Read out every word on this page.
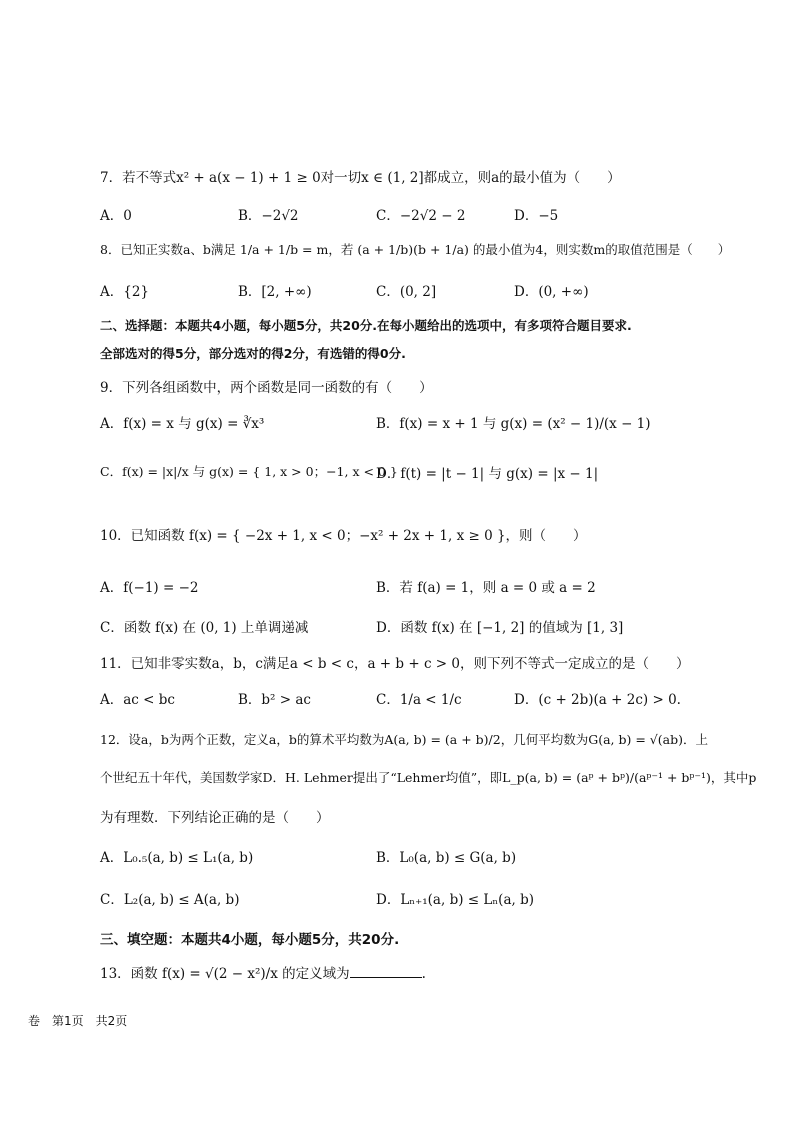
7．若不等式x² + a(x − 1) + 1 ≥ 0对一切x ∈ (1, 2]都成立，则a的最小值为（　　）
A．0	B．−2√2	C．−2√2 − 2	D．−5
8．已知正实数a、b满足 1/a + 1/b = m，若 (a + 1/b)(b + 1/a) 的最小值为4，则实数m的取值范围是（　　）
A．{2}	B．[2, +∞)	C．(0, 2]	D．(0, +∞)
二、选择题：本题共4小题，每小题5分，共20分.在每小题给出的选项中，有多项符合题目要求.
全部选对的得5分，部分选对的得2分，有选错的得0分.
9．下列各组函数中，两个函数是同一函数的有（　　）
A．f(x) = x 与 g(x) = ∛x³	B．f(x) = x + 1 与 g(x) = (x² − 1)/(x − 1)
C．f(x) = |x|/x 与 g(x) = { 1, x > 0；−1, x < 0 }
D．f(t) = |t − 1| 与 g(x) = |x − 1|
10．已知函数 f(x) = { −2x + 1, x < 0；−x² + 2x + 1, x ≥ 0 }，则（　　）
A．f(−1) = −2	B．若 f(a) = 1，则 a = 0 或 a = 2
C．函数 f(x) 在 (0, 1) 上单调递减	D．函数 f(x) 在 [−1, 2] 的值域为 [1, 3]
11．已知非零实数a，b，c满足a < b < c，a + b + c > 0，则下列不等式一定成立的是（　　）
A．ac < bc	B．b² > ac	C．1/a < 1/c	D．(c + 2b)(a + 2c) > 0.
12．设a，b为两个正数，定义a，b的算术平均数为A(a, b) = (a + b)/2，几何平均数为G(a, b) = √(ab)．上
个世纪五十年代，美国数学家D．H. Lehmer提出了“Lehmer均值”，即L_p(a, b) = (aᵖ + bᵖ)/(aᵖ⁻¹ + bᵖ⁻¹)，其中p
为有理数．下列结论正确的是（　　）
A．L₀.₅(a, b) ≤ L₁(a, b)	B．L₀(a, b) ≤ G(a, b)
C．L₂(a, b) ≤ A(a, b)	D．Lₙ₊₁(a, b) ≤ Lₙ(a, b)
三、填空题：本题共4小题，每小题5分，共20分.
13．函数 f(x) = √(2 − x²)/x 的定义域为	.
卷　第1页　共2页
